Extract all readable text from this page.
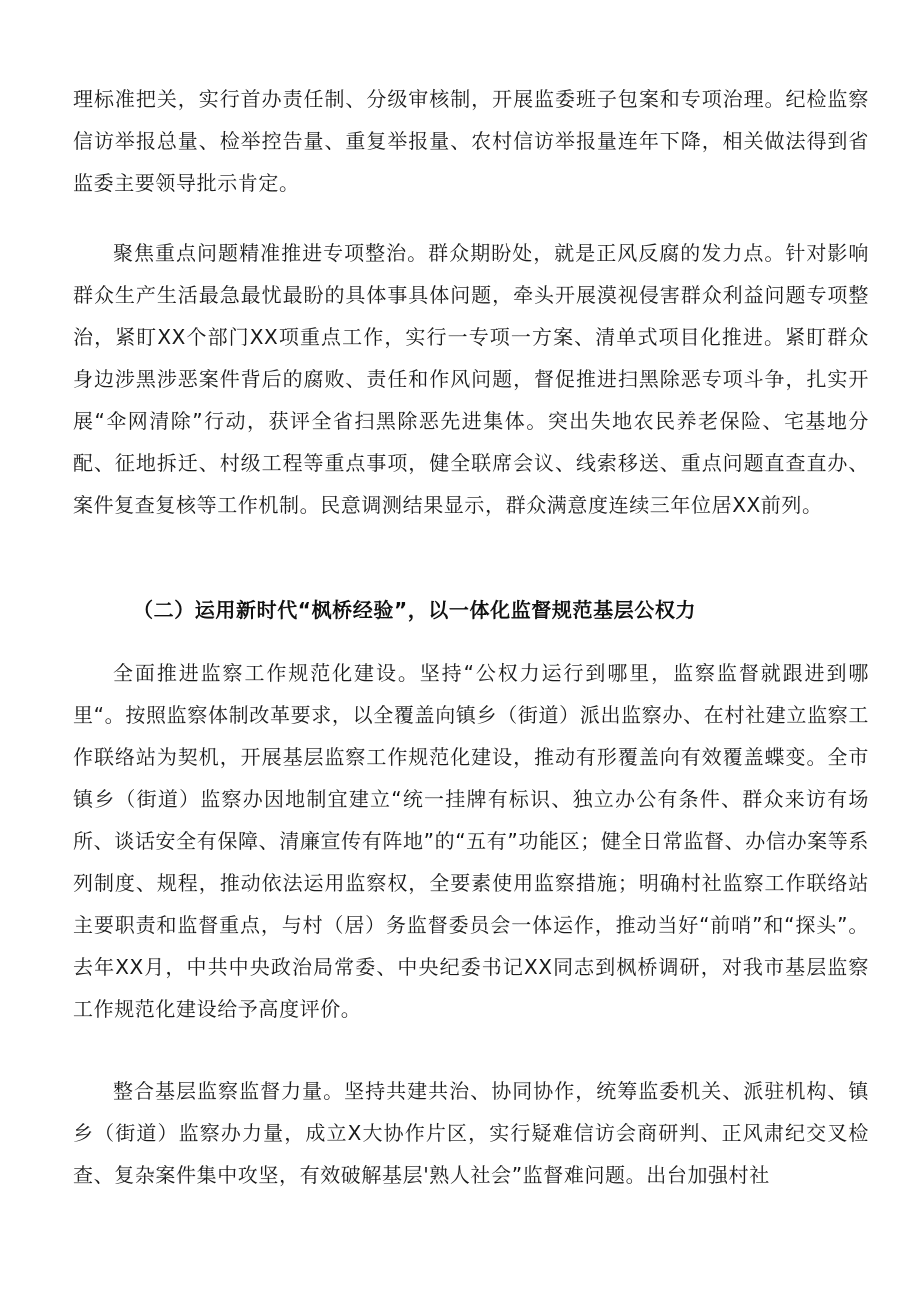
理标准把关，实行首办责任制、分级审核制，开展监委班子包案和专项治理。纪检监察信访举报总量、检举控告量、重复举报量、农村信访举报量连年下降，相关做法得到省监委主要领导批示肯定。
聚焦重点问题精准推进专项整治。群众期盼处，就是正风反腐的发力点。针对影响群众生产生活最急最忧最盼的具体事具体问题，牵头开展漠视侵害群众利益问题专项整治，紧盯XX个部门XX项重点工作，实行一专项一方案、清单式项目化推进。紧盯群众身边涉黑涉恶案件背后的腐败、责任和作风问题，督促推进扫黑除恶专项斗争，扎实开展“伞网清除”行动，获评全省扫黑除恶先进集体。突出失地农民养老保险、宅基地分配、征地拆迁、村级工程等重点事项，健全联席会议、线索移送、重点问题直查直办、案件复查复核等工作机制。民意调测结果显示，群众满意度连续三年位居XX前列。
（二）运用新时代“枫桥经验”，以一体化监督规范基层公权力
全面推进监察工作规范化建设。坚持“公权力运行到哪里，监察监督就跟进到哪里“。按照监察体制改革要求，以全覆盖向镇乡（街道）派出监察办、在村社建立监察工作联络站为契机，开展基层监察工作规范化建设，推动有形覆盖向有效覆盖蝶变。全市镇乡（街道）监察办因地制宜建立“统一挂牌有标识、独立办公有条件、群众来访有场所、谈话安全有保障、清廉宣传有阵地”的“五有”功能区；健全日常监督、办信办案等系列制度、规程，推动依法运用监察权，全要素使用监察措施；明确村社监察工作联络站主要职责和监督重点，与村（居）务监督委员会一体运作，推动当好“前哨”和“探头”。去年XX月，中共中央政治局常委、中央纪委书记XX同志到枫桥调研，对我市基层监察工作规范化建设给予高度评价。
整合基层监察监督力量。坚持共建共治、协同协作，统筹监委机关、派驻机构、镇乡（街道）监察办力量，成立X大协作片区，实行疑难信访会商研判、正风肃纪交叉检查、复杂案件集中攻坚，有效破解基层'熟人社会”监督难问题。出台加强村社
